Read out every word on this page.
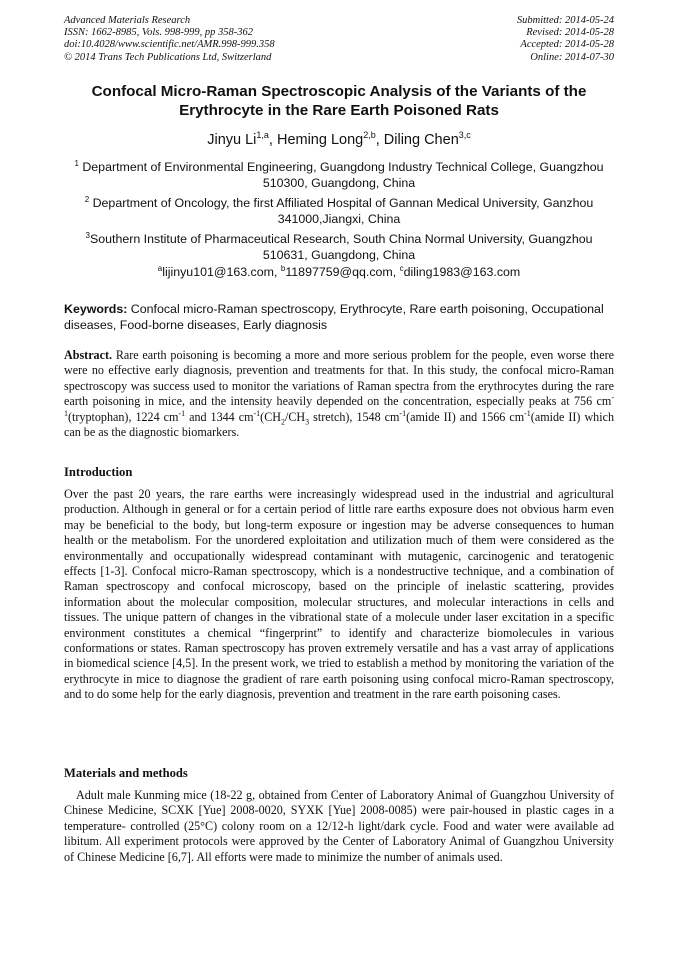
Advanced Materials Research
ISSN: 1662-8985, Vols. 998-999, pp 358-362
doi:10.4028/www.scientific.net/AMR.998-999.358
© 2014 Trans Tech Publications Ltd, Switzerland
Submitted: 2014-05-24
Revised: 2014-05-28
Accepted: 2014-05-28
Online: 2014-07-30
Confocal Micro-Raman Spectroscopic Analysis of the Variants of the
Erythrocyte in the Rare Earth Poisoned Rats
Jinyu Li$^{1,a}$, Heming Long$^{2,b}$, Diling Chen$^{3,c}$
$^1$ Department of Environmental Engineering, Guangdong Industry Technical College, Guangzhou
510300, Guangdong, China
$^2$ Department of Oncology, the first Affiliated Hospital of Gannan Medical University, Ganzhou
341000,Jiangxi, China
$^3$Southern Institute of Pharmaceutical Research, South China Normal University, Guangzhou
510631, Guangdong, China
$^a$lijinyu101@163.com, $^b$11897759@qq.com, $^c$diling1983@163.com
Keywords: Confocal micro-Raman spectroscopy, Erythrocyte, Rare earth poisoning, Occupational diseases, Food-borne diseases, Early diagnosis
Abstract. Rare earth poisoning is becoming a more and more serious problem for the people, even worse there were no effective early diagnosis, prevention and treatments for that. In this study, the confocal micro-Raman spectroscopy was success used to monitor the variations of Raman spectra from the erythrocytes during the rare earth poisoning in mice, and the intensity heavily depended on the concentration, especially peaks at 756 $cm^{-1}(tryptophan)$, 1224 $cm^{-1}$ and 1344 $cm^{-1}(CH_2/CH_3$ stretch), 1548 $cm^{-1}(amide$ II) and 1566 $cm^{-1}(amide$ II) which can be as the diagnostic biomarkers.
Introduction
Over the past 20 years, the rare earths were increasingly widespread used in the industrial and agricultural production. Although in general or for a certain period of little rare earths exposure does not obvious harm even may be beneficial to the body, but long-term exposure or ingestion may be adverse consequences to human health or the metabolism. For the unordered exploitation and utilization much of them were considered as the environmentally and occupationally widespread contaminant with mutagenic, carcinogenic and teratogenic effects [1-3]. Confocal micro-Raman spectroscopy, which is a nondestructive technique, and a combination of Raman spectroscopy and confocal microscopy, based on the principle of inelastic scattering, provides information about the molecular composition, molecular structures, and molecular interactions in cells and tissues. The unique pattern of changes in the vibrational state of a molecule under laser excitation in a specific environment constitutes a chemical “fingerprint” to identify and characterize biomolecules in various conformations or states. Raman spectroscopy has proven extremely versatile and has a vast array of applications in biomedical science [4,5]. In the present work, we tried to establish a method by monitoring the variation of the erythrocyte in mice to diagnose the gradient of rare earth poisoning using confocal micro-Raman spectroscopy, and to do some help for the early diagnosis, prevention and treatment in the rare earth poisoning cases.
Materials and methods
Adult male Kunming mice (18-22 g, obtained from Center of Laboratory Animal of Guangzhou University of Chinese Medicine, SCXK [Yue] 2008-0020, SYXK [Yue] 2008-0085) were pair-housed in plastic cages in a temperature- controlled (25°C) colony room on a 12/12-h light/dark cycle. Food and water were available ad libitum. All experiment protocols were approved by the Center of Laboratory Animal of Guangzhou University of Chinese Medicine [6,7]. All efforts were made to minimize the number of animals used.
